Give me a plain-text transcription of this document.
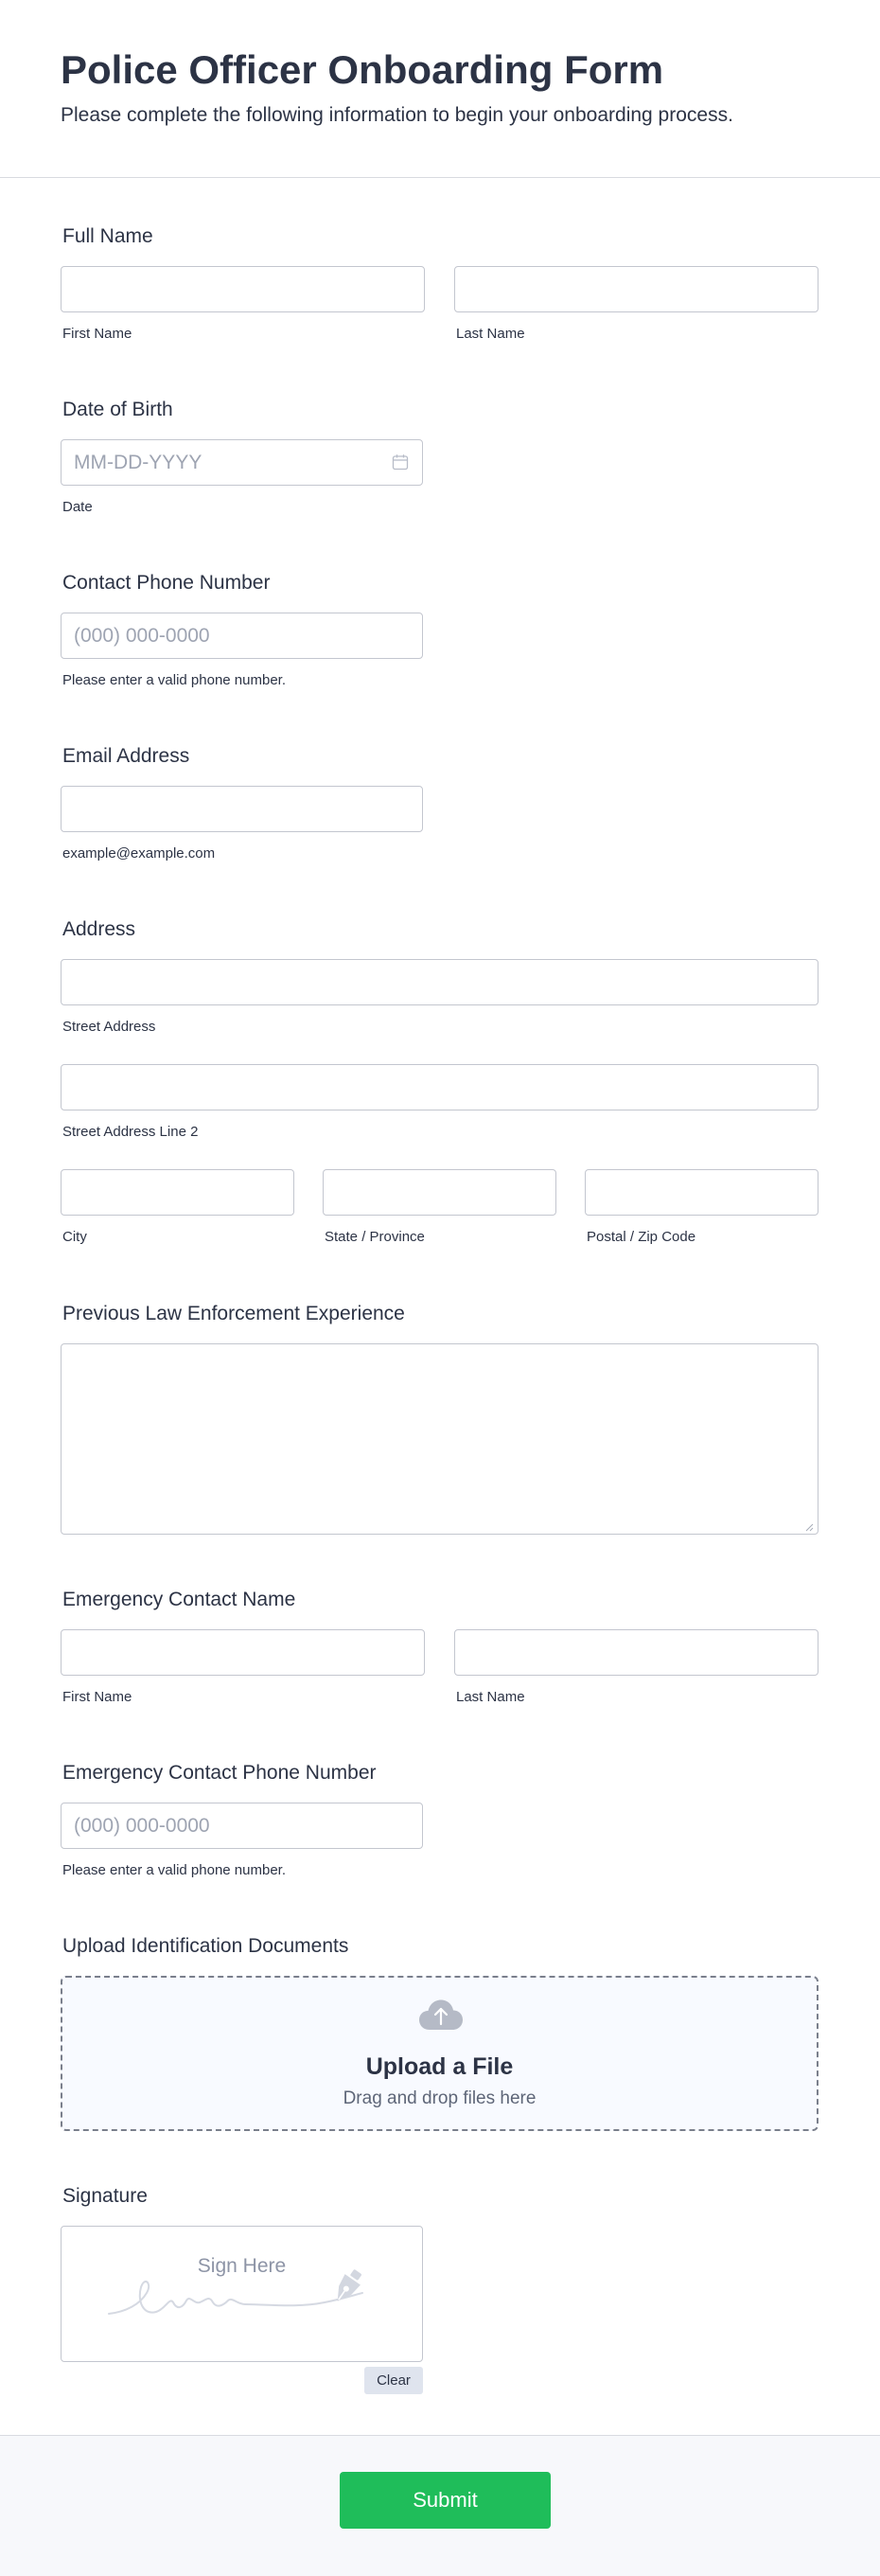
Police Officer Onboarding Form
Please complete the following information to begin your onboarding process.
Full Name
First Name	Last Name
Date of Birth
MM-DD-YYYY
Date
Contact Phone Number
(000) 000-0000
Please enter a valid phone number.
Email Address
example@example.com
Address
Street Address
Street Address Line 2
City	State / Province	Postal / Zip Code
Previous Law Enforcement Experience
Emergency Contact Name
First Name	Last Name
Emergency Contact Phone Number
(000) 000-0000
Please enter a valid phone number.
Upload Identification Documents
Upload a File
Drag and drop files here
Signature
Sign Here
Clear
Submit
